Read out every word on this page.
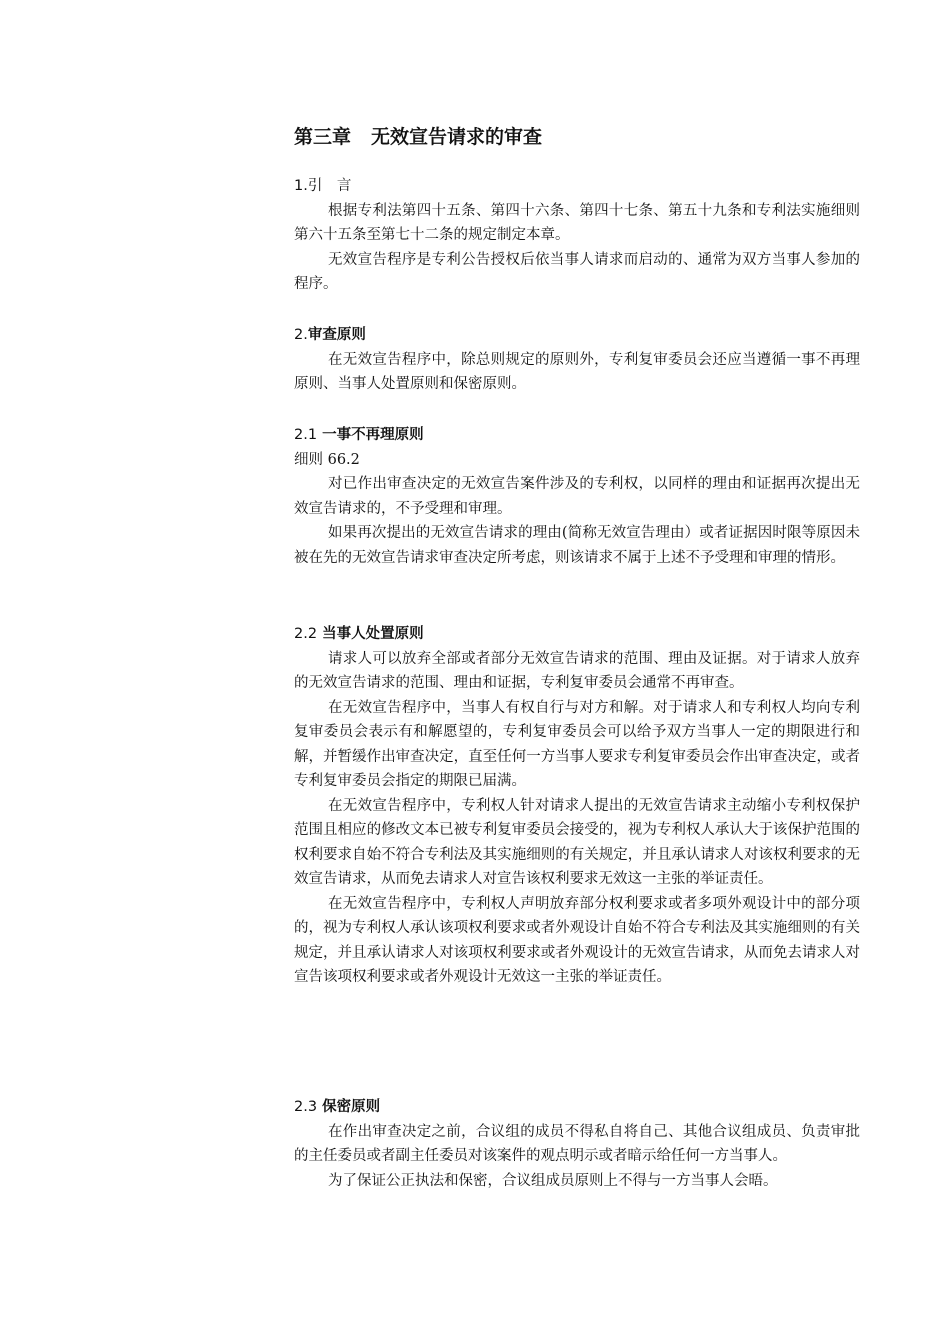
第三章 无效宣告请求的审查
1.引　言

根据专利法第四十五条、第四十六条、第四十七条、第五十九条和专利法实施细则第六十五条至第七十二条的规定制定本章。

无效宣告程序是专利公告授权后依当事人请求而启动的、通常为双方当事人参加的程序。

2.审查原则

在无效宣告程序中，除总则规定的原则外，专利复审委员会还应当遵循一事不再理原则、当事人处置原则和保密原则。

2.1 一事不再理原则

细则 66.2

对已作出审查决定的无效宣告案件涉及的专利权，以同样的理由和证据再次提出无效宣告请求的，不予受理和审理。

如果再次提出的无效宣告请求的理由(简称无效宣告理由）或者证据因时限等原因未被在先的无效宣告请求审查决定所考虑，则该请求不属于上述不予受理和审理的情形。

2.2 当事人处置原则

请求人可以放弃全部或者部分无效宣告请求的范围、理由及证据。对于请求人放弃的无效宣告请求的范围、理由和证据，专利复审委员会通常不再审查。

在无效宣告程序中，当事人有权自行与对方和解。对于请求人和专利权人均向专利复审委员会表示有和解愿望的，专利复审委员会可以给予双方当事人一定的期限进行和解，并暂缓作出审查决定，直至任何一方当事人要求专利复审委员会作出审查决定，或者专利复审委员会指定的期限已届满。

在无效宣告程序中，专利权人针对请求人提出的无效宣告请求主动缩小专利权保护范围且相应的修改文本已被专利复审委员会接受的，视为专利权人承认大于该保护范围的权利要求自始不符合专利法及其实施细则的有关规定，并且承认请求人对该权利要求的无效宣告请求，从而免去请求人对宣告该权利要求无效这一主张的举证责任。

在无效宣告程序中，专利权人声明放弃部分权利要求或者多项外观设计中的部分项的，视为专利权人承认该项权利要求或者外观设计自始不符合专利法及其实施细则的有关规定，并且承认请求人对该项权利要求或者外观设计的无效宣告请求，从而免去请求人对宣告该项权利要求或者外观设计无效这一主张的举证责任。

2.3 保密原则

在作出审查决定之前，合议组的成员不得私自将自己、其他合议组成员、负责审批的主任委员或者副主任委员对该案件的观点明示或者暗示给任何一方当事人。

为了保证公正执法和保密，合议组成员原则上不得与一方当事人会晤。
